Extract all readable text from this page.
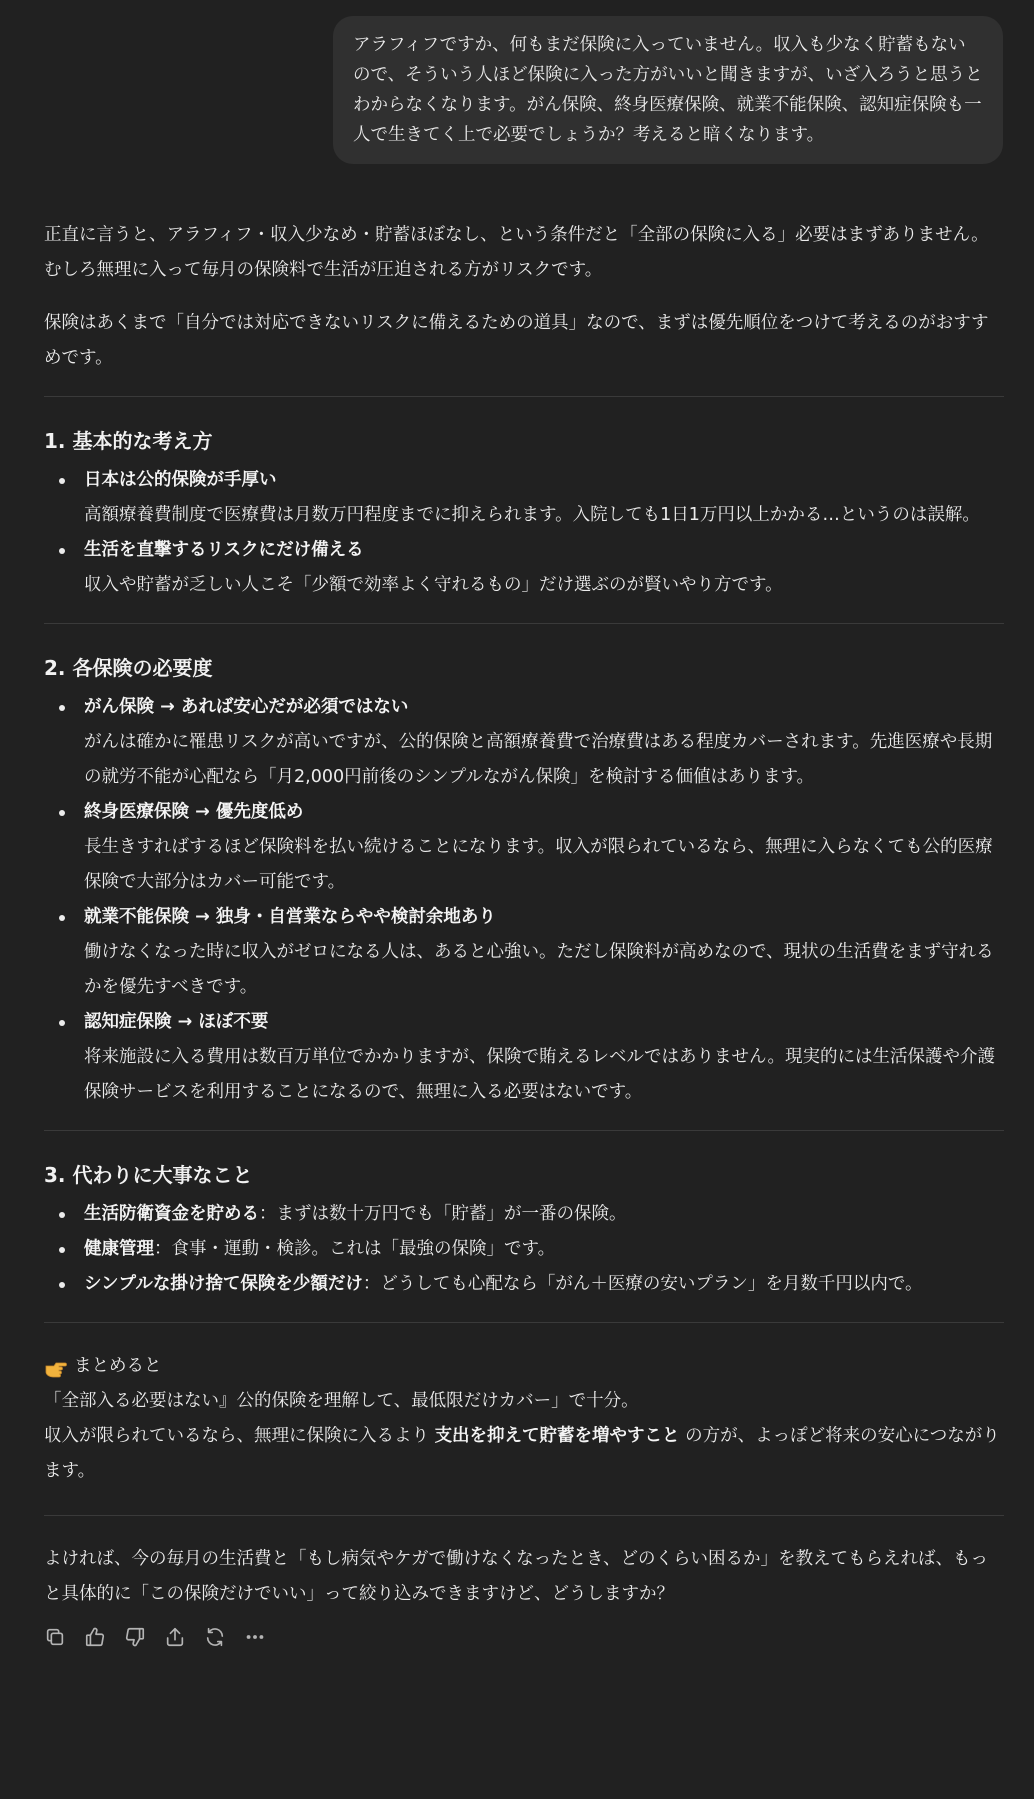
アラフィフですか、何もまだ保険に入っていません。収入も少なく貯蓄もないので、そういう人ほど保険に入った方がいいと聞きますが、いざ入ろうと思うとわからなくなります。がん保険、終身医療保険、就業不能保険、認知症保険も一人で生きてく上で必要でしょうか？考えると暗くなります。

正直に言うと、アラフィフ・収入少なめ・貯蓄ほぼなし、という条件だと「全部の保険に入る」必要はまずありません。むしろ無理に入って毎月の保険料で生活が圧迫される方がリスクです。

保険はあくまで「自分では対応できないリスクに備えるための道具」なので、まずは優先順位をつけて考えるのがおすすめです。

1. 基本的な考え方
日本は公的保険が手厚い
高額療養費制度で医療費は月数万円程度までに抑えられます。入院しても1日1万円以上かかる…というのは誤解。
生活を直撃するリスクにだけ備える
収入や貯蓄が乏しい人こそ「少額で効率よく守れるもの」だけ選ぶのが賢いやり方です。
2. 各保険の必要度
がん保険 → あれば安心だが必須ではない
がんは確かに罹患リスクが高いですが、公的保険と高額療養費で治療費はある程度カバーされます。先進医療や長期の就労不能が心配なら「月2,000円前後のシンプルながん保険」を検討する価値はあります。
終身医療保険 → 優先度低め
長生きすればするほど保険料を払い続けることになります。収入が限られているなら、無理に入らなくても公的医療保険で大部分はカバー可能です。
就業不能保険 → 独身・自営業ならやや検討余地あり
働けなくなった時に収入がゼロになる人は、あると心強い。ただし保険料が高めなので、現状の生活費をまず守れるかを優先すべきです。
認知症保険 → ほぼ不要
将来施設に入る費用は数百万単位でかかりますが、保険で賄えるレベルではありません。現実的には生活保護や介護保険サービスを利用することになるので、無理に入る必要はないです。
3. 代わりに大事なこと
生活防衛資金を貯める：まずは数十万円でも「貯蓄」が一番の保険。
健康管理：食事・運動・検診。これは「最強の保険」です。
シンプルな掛け捨て保険を少額だけ：どうしても心配なら「がん＋医療の安いプラン」を月数千円以内で。
まとめると

「全部入る必要はない』公的保険を理解して、最低限だけカバー」で十分。

収入が限られているなら、無理に保険に入るより 支出を抑えて貯蓄を増やすこと の方が、よっぽど将来の安心につながります。

よければ、今の毎月の生活費と「もし病気やケガで働けなくなったとき、どのくらい困るか」を教えてもらえれば、もっと具体的に「この保険だけでいい」って絞り込みできますけど、どうしますか？
